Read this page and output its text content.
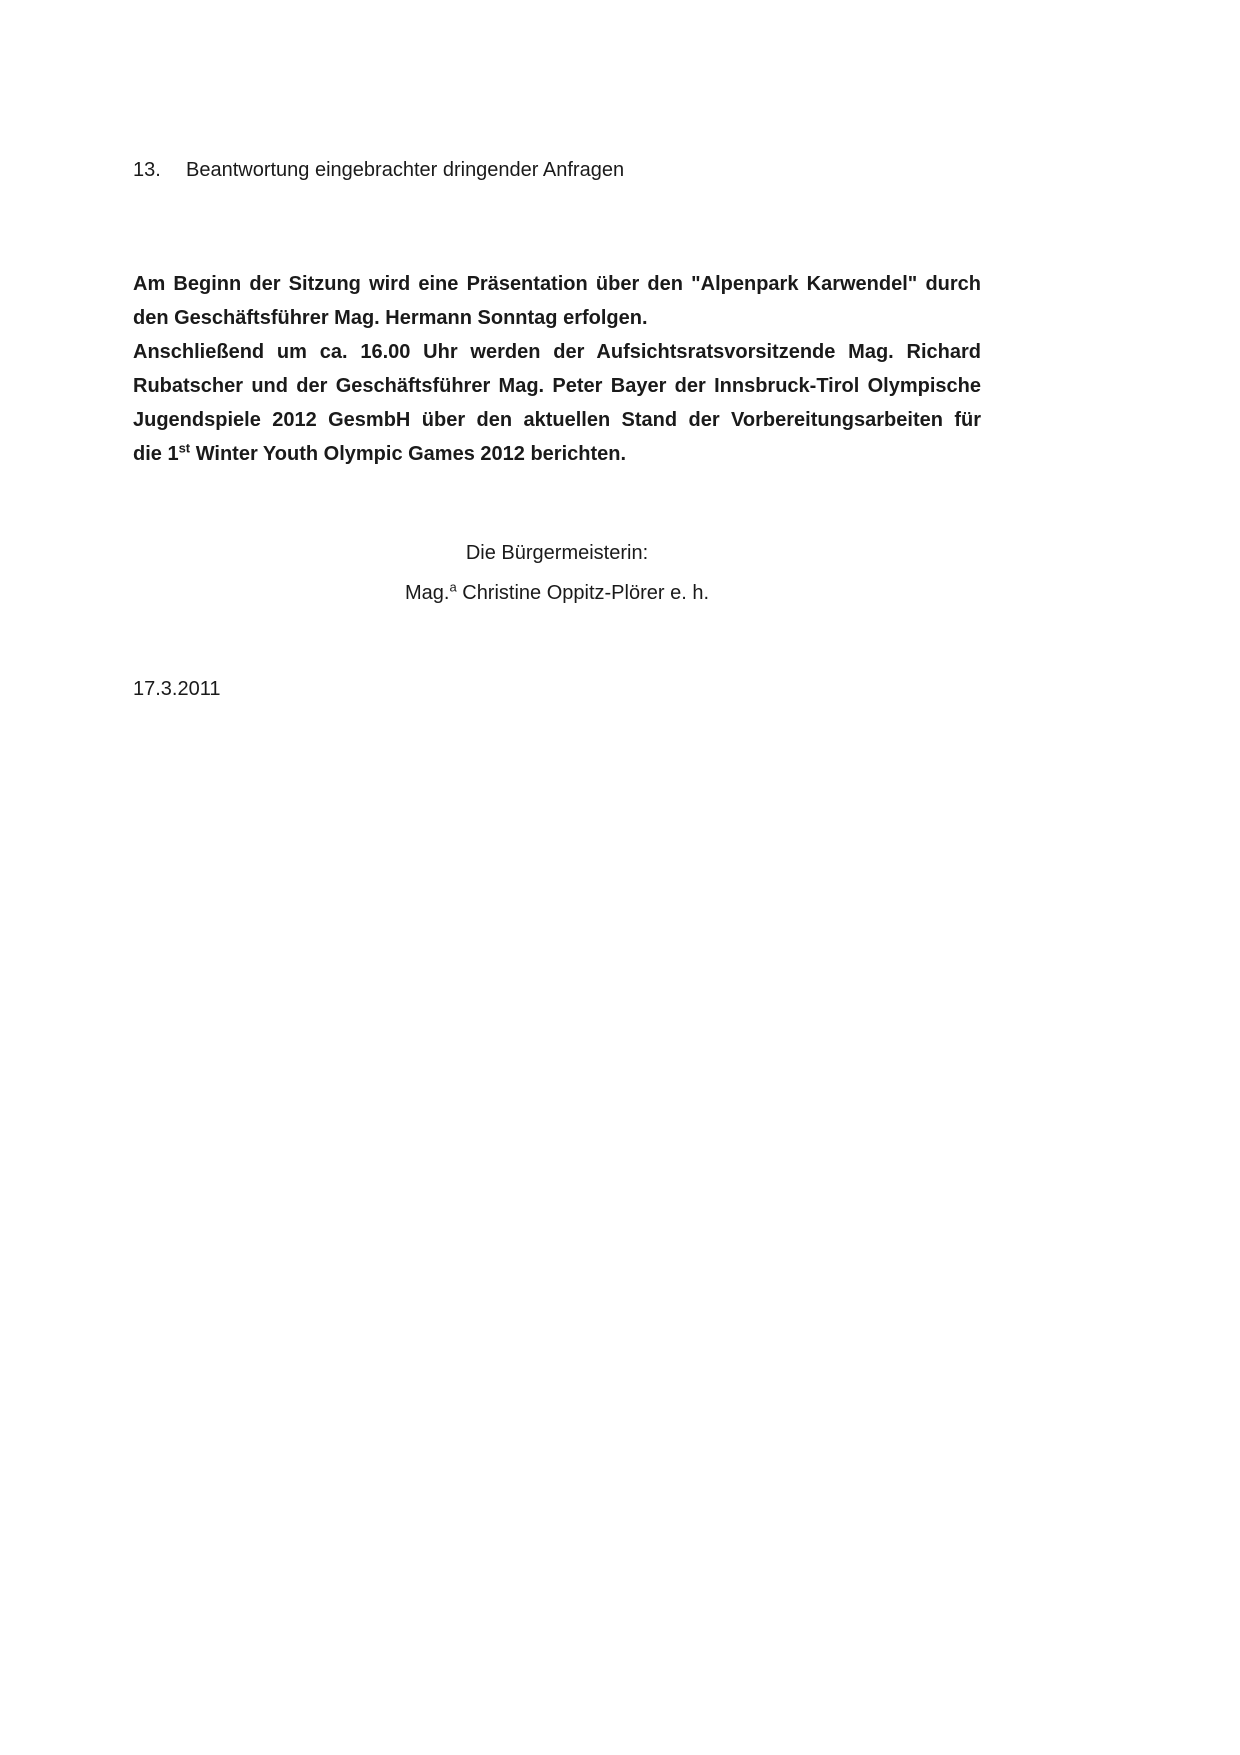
13.	Beantwortung eingebrachter dringender Anfragen
Am Beginn der Sitzung wird eine Präsentation über den "Alpenpark Karwendel" durch
den Geschäftsführer Mag. Hermann Sonntag erfolgen.
Anschließend um ca. 16.00 Uhr werden der Aufsichtsratsvorsitzende Mag. Richard
Rubatscher und der Geschäftsführer Mag. Peter Bayer der Innsbruck-Tirol Olympische
Jugendspiele 2012 GesmbH über den aktuellen Stand der Vorbereitungsarbeiten für
die 1st Winter Youth Olympic Games 2012 berichten.
Die Bürgermeisterin:
Mag.$^a$ Christine Oppitz-Plörer e. h.
17.3.2011
